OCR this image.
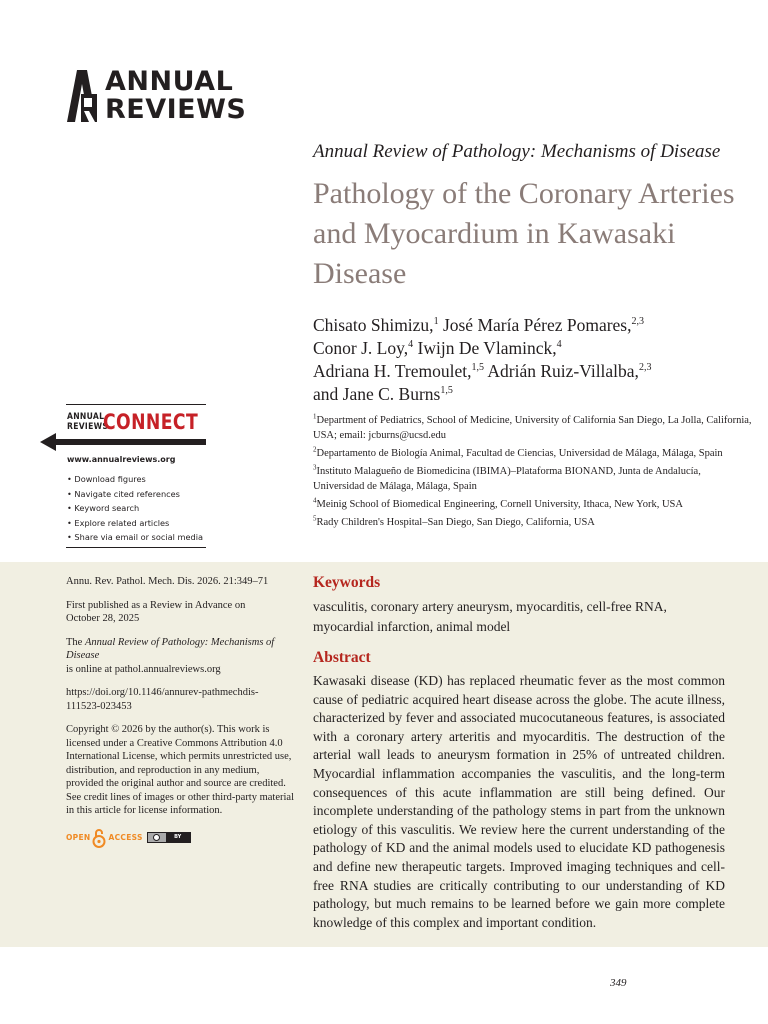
ANNUAL
REVIEWS
Annual Review of Pathology: Mechanisms of Disease
Pathology of the Coronary Arteries and Myocardium in Kawasaki Disease
Chisato Shimizu,$^1$ José María Pérez Pomares,$^{2,3}$
Conor J. Loy,$^4$ Iwijn De Vlaminck,$^4$
Adriana H. Tremoulet,$^{1,5}$ Adrián Ruiz-Villalba,$^{2,3}$
and Jane C. Burns$^{1,5}$
$^1$Department of Pediatrics, School of Medicine, University of California San Diego, La Jolla, California, USA; email: jcburns@ucsd.edu
$^2$Departamento de Biología Animal, Facultad de Ciencias, Universidad de Málaga, Málaga, Spain
$^3$Instituto Malagueño de Biomedicina (IBIMA)–Plataforma BIONAND, Junta de Andalucía, Universidad de Málaga, Málaga, Spain
$^4$Meinig School of Biomedical Engineering, Cornell University, Ithaca, New York, USA
$^5$Rady Children's Hospital–San Diego, San Diego, California, USA
ANNUAL
REVIEWS
CONNECT
www.annualreviews.org
• Download figures
• Navigate cited references
• Keyword search
• Explore related articles
• Share via email or social media

Annu. Rev. Pathol. Mech. Dis. 2026. 21:349–71

First published as a Review in Advance on
October 28, 2025

The Annual Review of Pathology: Mechanisms of Disease
is online at pathol.annualreviews.org

https://doi.org/10.1146/annurev-pathmechdis-
111523-023453

Copyright © 2026 by the author(s). This work is licensed under a Creative Commons Attribution 4.0 International License, which permits unrestricted use, distribution, and reproduction in any medium, provided the original author and source are credited. See credit lines of images or other third-party material in this article for license information.

OPEN ACCESS	BY
Keywords
vasculitis, coronary artery aneurysm, myocarditis, cell-free RNA, myocardial infarction, animal model
Abstract
Kawasaki disease (KD) has replaced rheumatic fever as the most common cause of pediatric acquired heart disease across the globe. The acute illness, characterized by fever and associated mucocutaneous features, is associated with a coronary artery arteritis and myocarditis. The destruction of the arterial wall leads to aneurysm formation in 25% of untreated children. Myocardial inflammation accompanies the vasculitis, and the long-term consequences of this acute inflammation are still being defined. Our incomplete understanding of the pathology stems in part from the unknown etiology of this vasculitis. We review here the current understanding of the pathology of KD and the animal models used to elucidate KD pathogenesis and define new therapeutic targets. Improved imaging techniques and cell-free RNA studies are critically contributing to our understanding of KD pathology, but much remains to be learned before we gain more complete knowledge of this complex and important condition.
349
